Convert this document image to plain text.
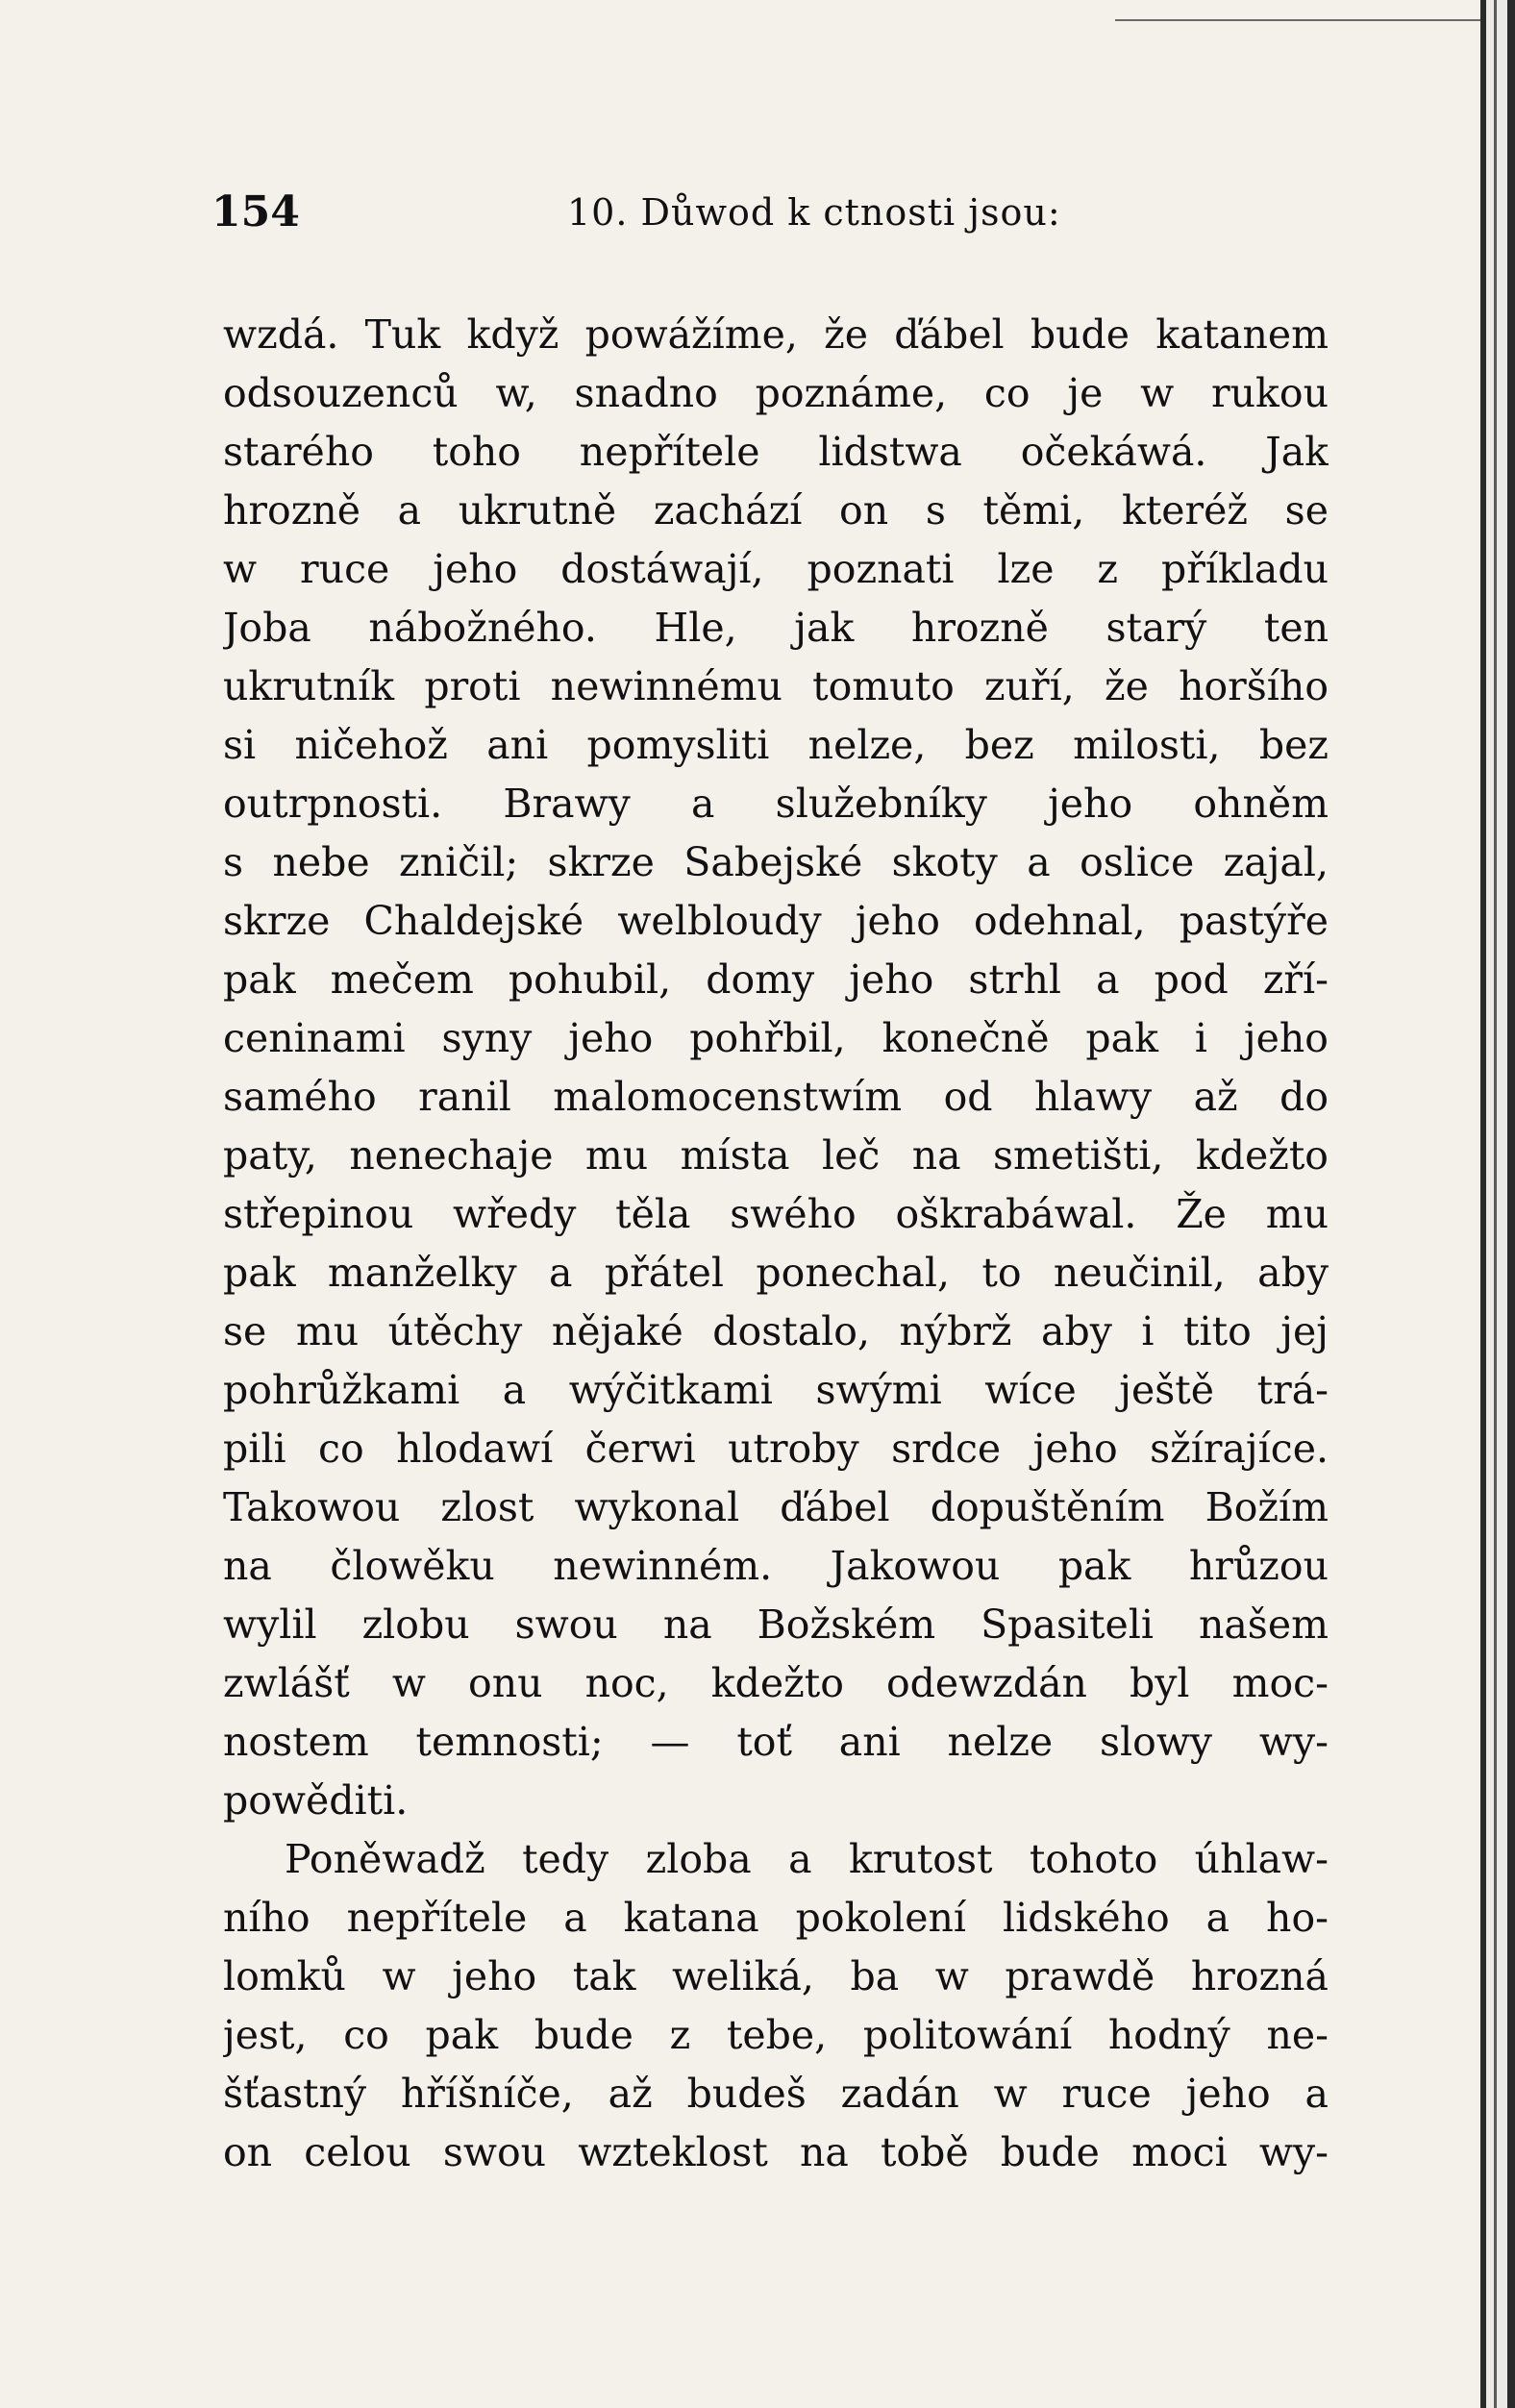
154	10. Důwod k ctnosti jsou:
wzdá. Tuk když powážíme, že ďábel bude katanem
odsouzenců w, snadno poznáme, co je w rukou
starého toho nepřítele lidstwa očekáwá. Jak
hrozně a ukrutně zachází on s těmi, kteréž se
w ruce jeho dostáwají, poznati lze z příkladu
Joba nábožného. Hle, jak hrozně starý ten
ukrutník proti newinnému tomuto zuří, že horšího
si ničehož ani pomysliti nelze, bez milosti, bez
outrpnosti. Brawy a služebníky jeho ohněm
s nebe zničil; skrze Sabejské skoty a oslice zajal,
skrze Chaldejské welbloudy jeho odehnal, pastýře
pak mečem pohubil, domy jeho strhl a pod zří-
ceninami syny jeho pohřbil, konečně pak i jeho
samého ranil malomocenstwím od hlawy až do
paty, nenechaje mu místa leč na smetišti, kdežto
střepinou wředy těla swého oškrabáwal. Že mu
pak manželky a přátel ponechal, to neučinil, aby
se mu útěchy nějaké dostalo, nýbrž aby i tito jej
pohrůžkami a wýčitkami swými wíce ještě trá-
pili co hlodawí čerwi utroby srdce jeho sžírajíce.
Takowou zlost wykonal ďábel dopuštěním Božím
na člowěku newinném. Jakowou pak hrůzou
wylil zlobu swou na Božském Spasiteli našem
zwlášť w onu noc, kdežto odewzdán byl moc-
nostem temnosti; — toť ani nelze slowy wy-
powěditi.
Poněwadž tedy zloba a krutost tohoto úhlaw-
ního nepřítele a katana pokolení lidského a ho-
lomků w jeho tak weliká, ba w prawdě hrozná
jest, co pak bude z tebe, politowání hodný ne-
šťastný hříšníče, až budeš zadán w ruce jeho a
on celou swou wzteklost na tobě bude moci wy-
